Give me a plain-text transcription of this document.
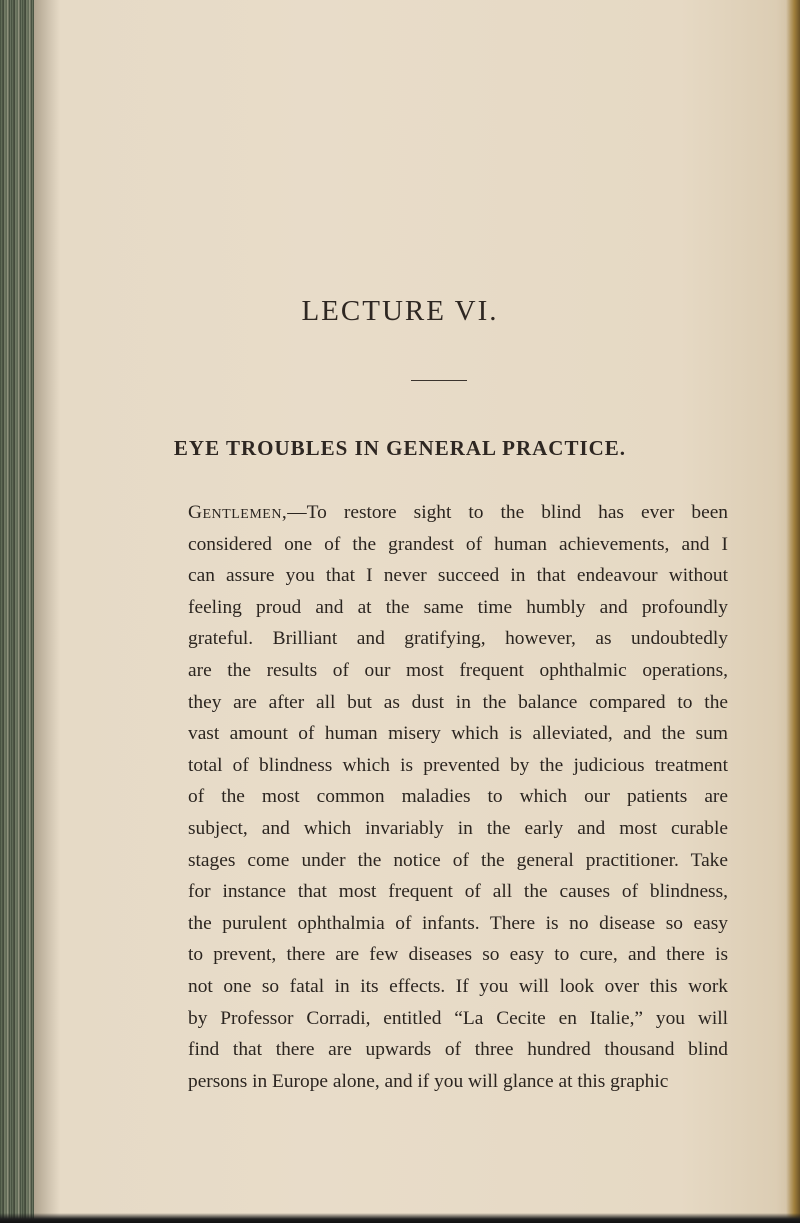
LECTURE VI.
EYE TROUBLES IN GENERAL PRACTICE.
Gentlemen,—To restore sight to the blind has ever been
considered one of the grandest of human achievements, and I
can assure you that I never succeed in that endeavour without
feeling proud and at the same time humbly and profoundly
grateful. Brilliant and gratifying, however, as undoubtedly
are the results of our most frequent ophthalmic operations,
they are after all but as dust in the balance compared to the
vast amount of human misery which is alleviated, and the sum
total of blindness which is prevented by the judicious treatment
of the most common maladies to which our patients are
subject, and which invariably in the early and most curable
stages come under the notice of the general practitioner. Take
for instance that most frequent of all the causes of blindness,
the purulent ophthalmia of infants. There is no disease so easy
to prevent, there are few diseases so easy to cure, and there is
not one so fatal in its effects. If you will look over this work
by Professor Corradi, entitled “La Cecite en Italie,” you will
find that there are upwards of three hundred thousand blind
persons in Europe alone, and if you will glance at this graphic
